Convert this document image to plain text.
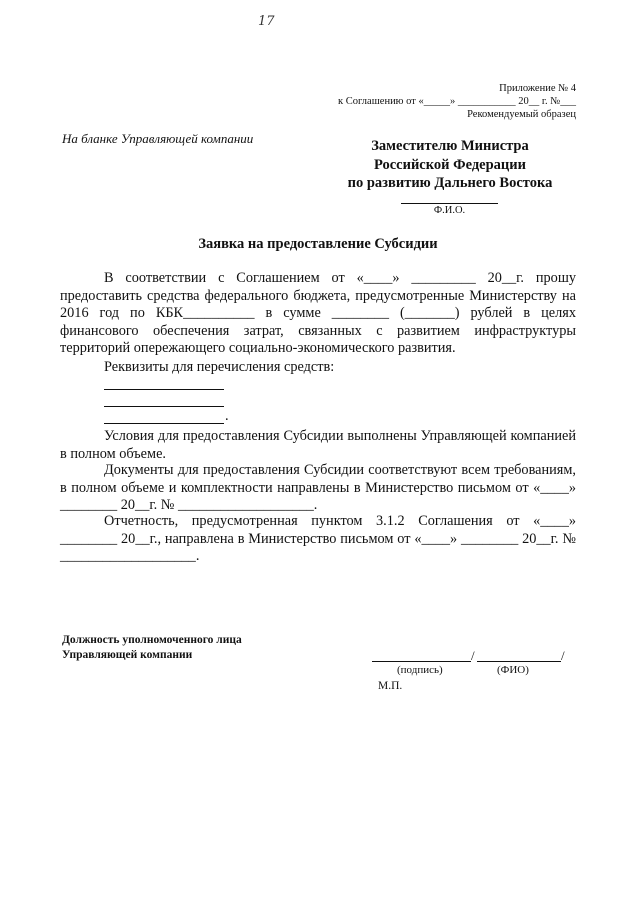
17
Приложение № 4
к Соглашению от «_____» ___________ 20__ г. №___
Рекомендуемый образец
На бланке Управляющей компании	Заместителю Министра
Российской Федерации
по развитию Дальнего Востока
Ф.И.О.
Заявка на предоставление Субсидии
В соответствии с Соглашением от «____» _________ 20__г. прошу предоставить средства федерального бюджета, предусмотренные Министерству на 2016 год по КБК__________ в сумме ________ (_______) рублей в целях финансового обеспечения затрат, связанных с развитием инфраструктуры территорий опережающего социально-экономического развития.
Реквизиты для перечисления средств:
.
Условия для предоставления Субсидии выполнены Управляющей компанией в полном объеме.
Документы для предоставления Субсидии соответствуют всем требованиям, в полном объеме и комплектности направлены в Министерство письмом от «____» ________ 20__г. № ___________________.
Отчетность, предусмотренная пунктом 3.1.2 Соглашения от «____» ________ 20__г., направлена в Министерство письмом от «____» ________ 20__г. № ___________________.
Должность уполномоченного лица
Управляющей компании	/	/
(подпись)	(ФИО)
М.П.
